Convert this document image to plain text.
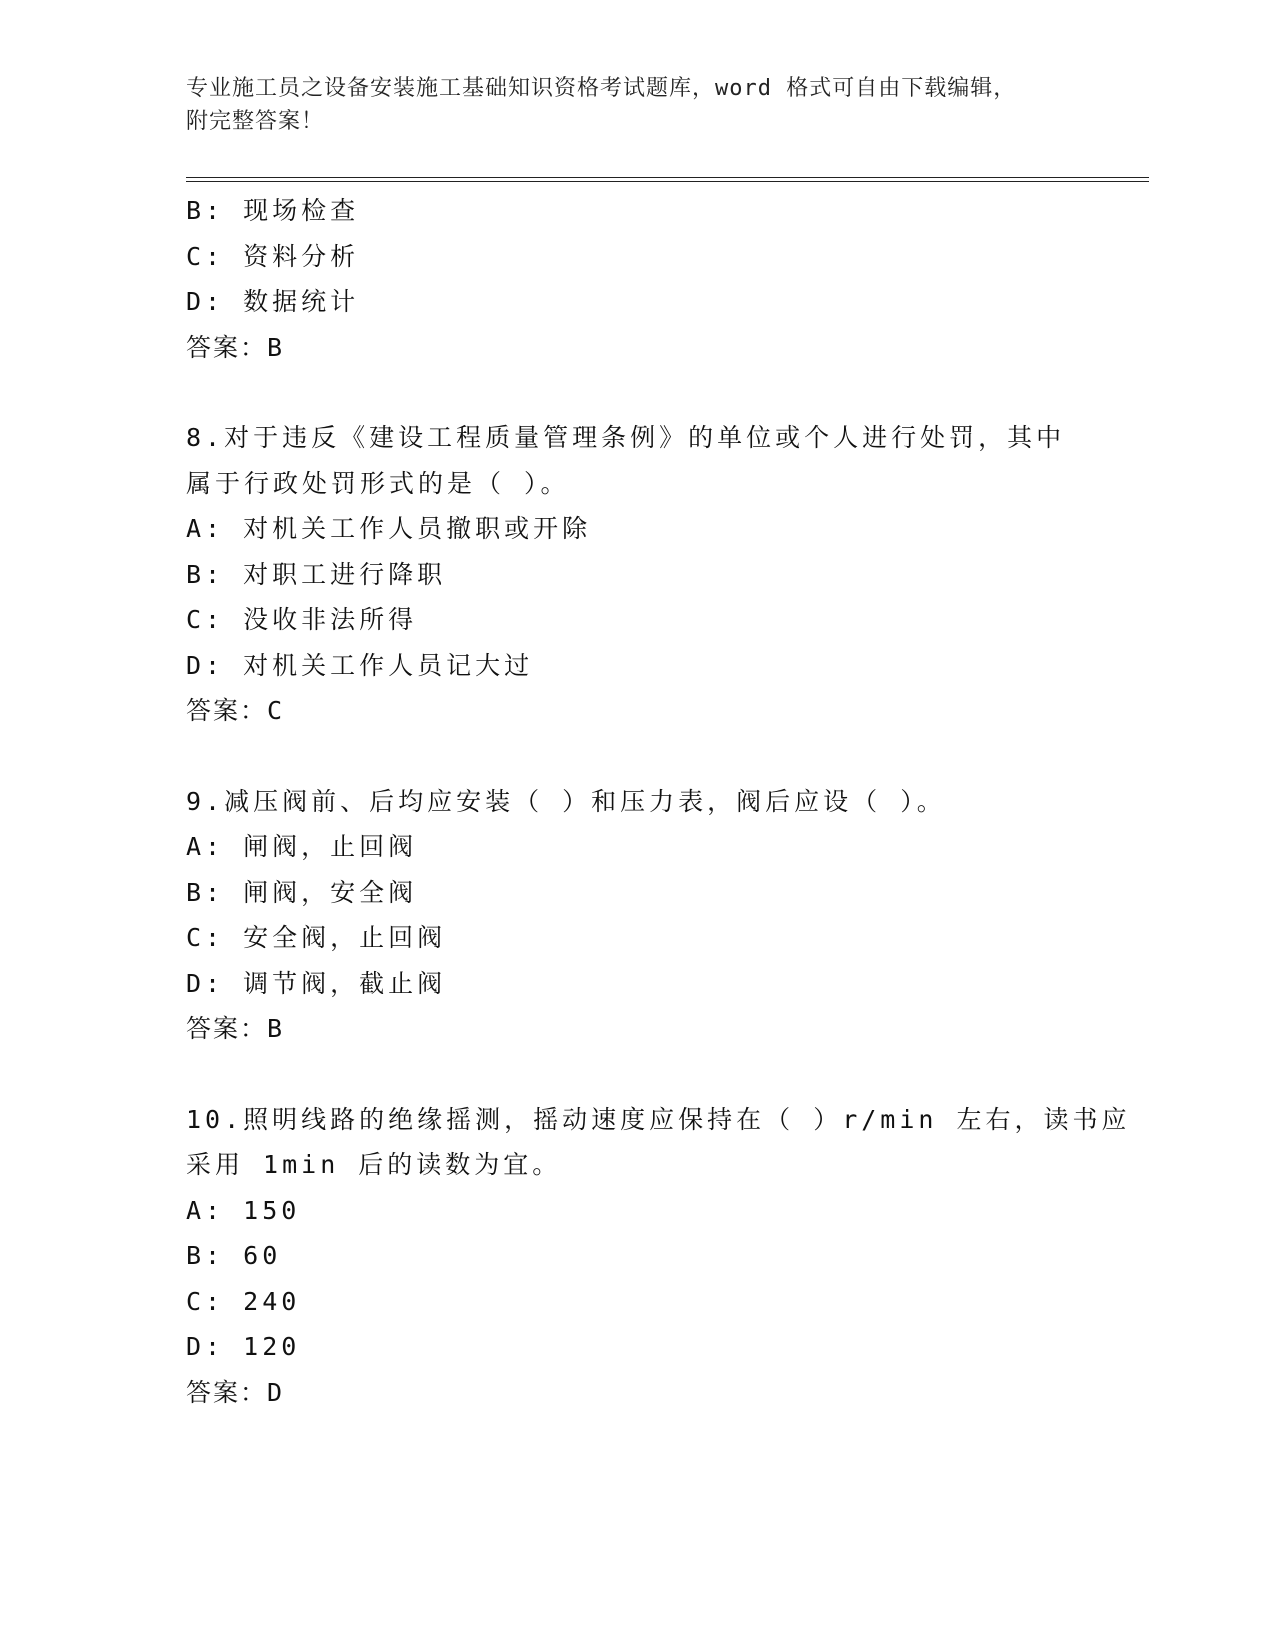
专业施工员之设备安装施工基础知识资格考试题库，word 格式可自由下载编辑，
附完整答案！
B: 现场检查
C: 资料分析
D: 数据统计
答案：B
8.对于违反《建设工程质量管理条例》的单位或个人进行处罚，其中
属于行政处罚形式的是（ ）。
A: 对机关工作人员撤职或开除
B: 对职工进行降职
C: 没收非法所得
D: 对机关工作人员记大过
答案：C
9.减压阀前、后均应安装（ ）和压力表，阀后应设（ ）。
A: 闸阀，止回阀
B: 闸阀，安全阀
C: 安全阀，止回阀
D: 调节阀，截止阀
答案：B
10.照明线路的绝缘摇测，摇动速度应保持在（ ）r/min 左右，读书应
采用 1min 后的读数为宜。
A: 150
B: 60
C: 240
D: 120
答案：D
